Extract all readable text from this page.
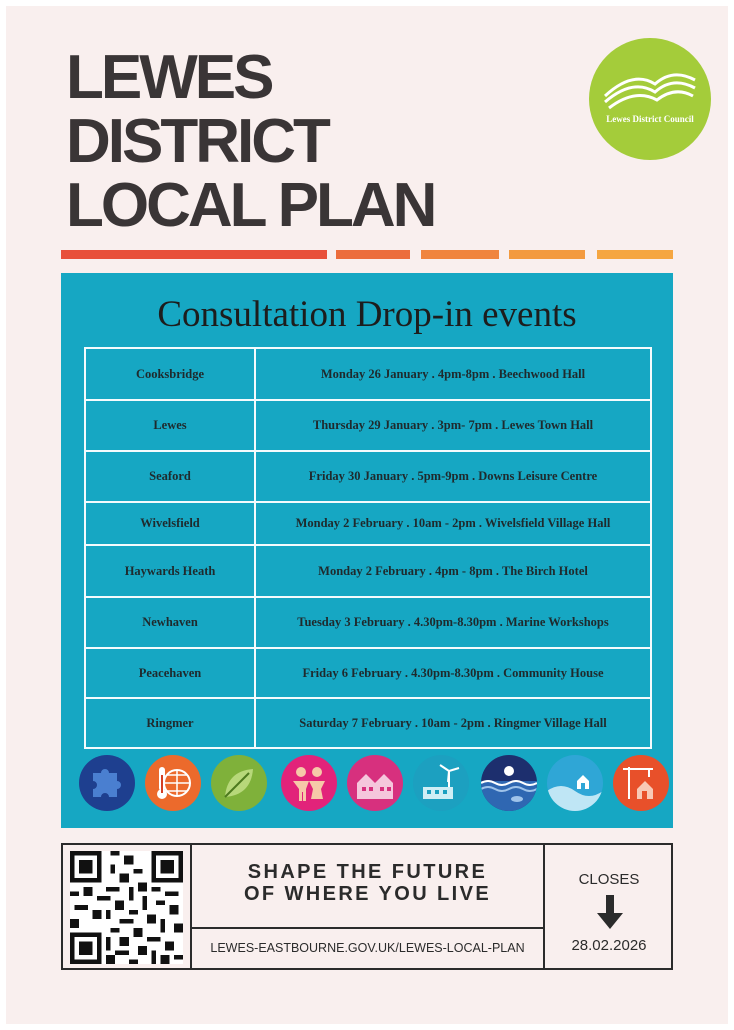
LEWES
DISTRICT
LOCAL PLAN
Lewes District Council
Consultation Drop-in events
Cooksbridge	Monday 26 January . 4pm-8pm . Beechwood Hall
Lewes	Thursday 29 January . 3pm- 7pm . Lewes Town Hall
Seaford	Friday 30 January . 5pm-9pm . Downs Leisure Centre
Wivelsfield	Monday 2 February . 10am - 2pm . Wivelsfield Village Hall
Haywards Heath	Monday 2 February . 4pm - 8pm . The Birch Hotel
Newhaven	Tuesday 3 February . 4.30pm-8.30pm . Marine Workshops
Peacehaven	Friday 6 February . 4.30pm-8.30pm . Community House
Ringmer	Saturday 7 February . 10am - 2pm . Ringmer Village Hall
SHAPE THE FUTURE
OF WHERE YOU LIVE
LEWES-EASTBOURNE.GOV.UK/LEWES-LOCAL-PLAN
CLOSES
28.02.2026
